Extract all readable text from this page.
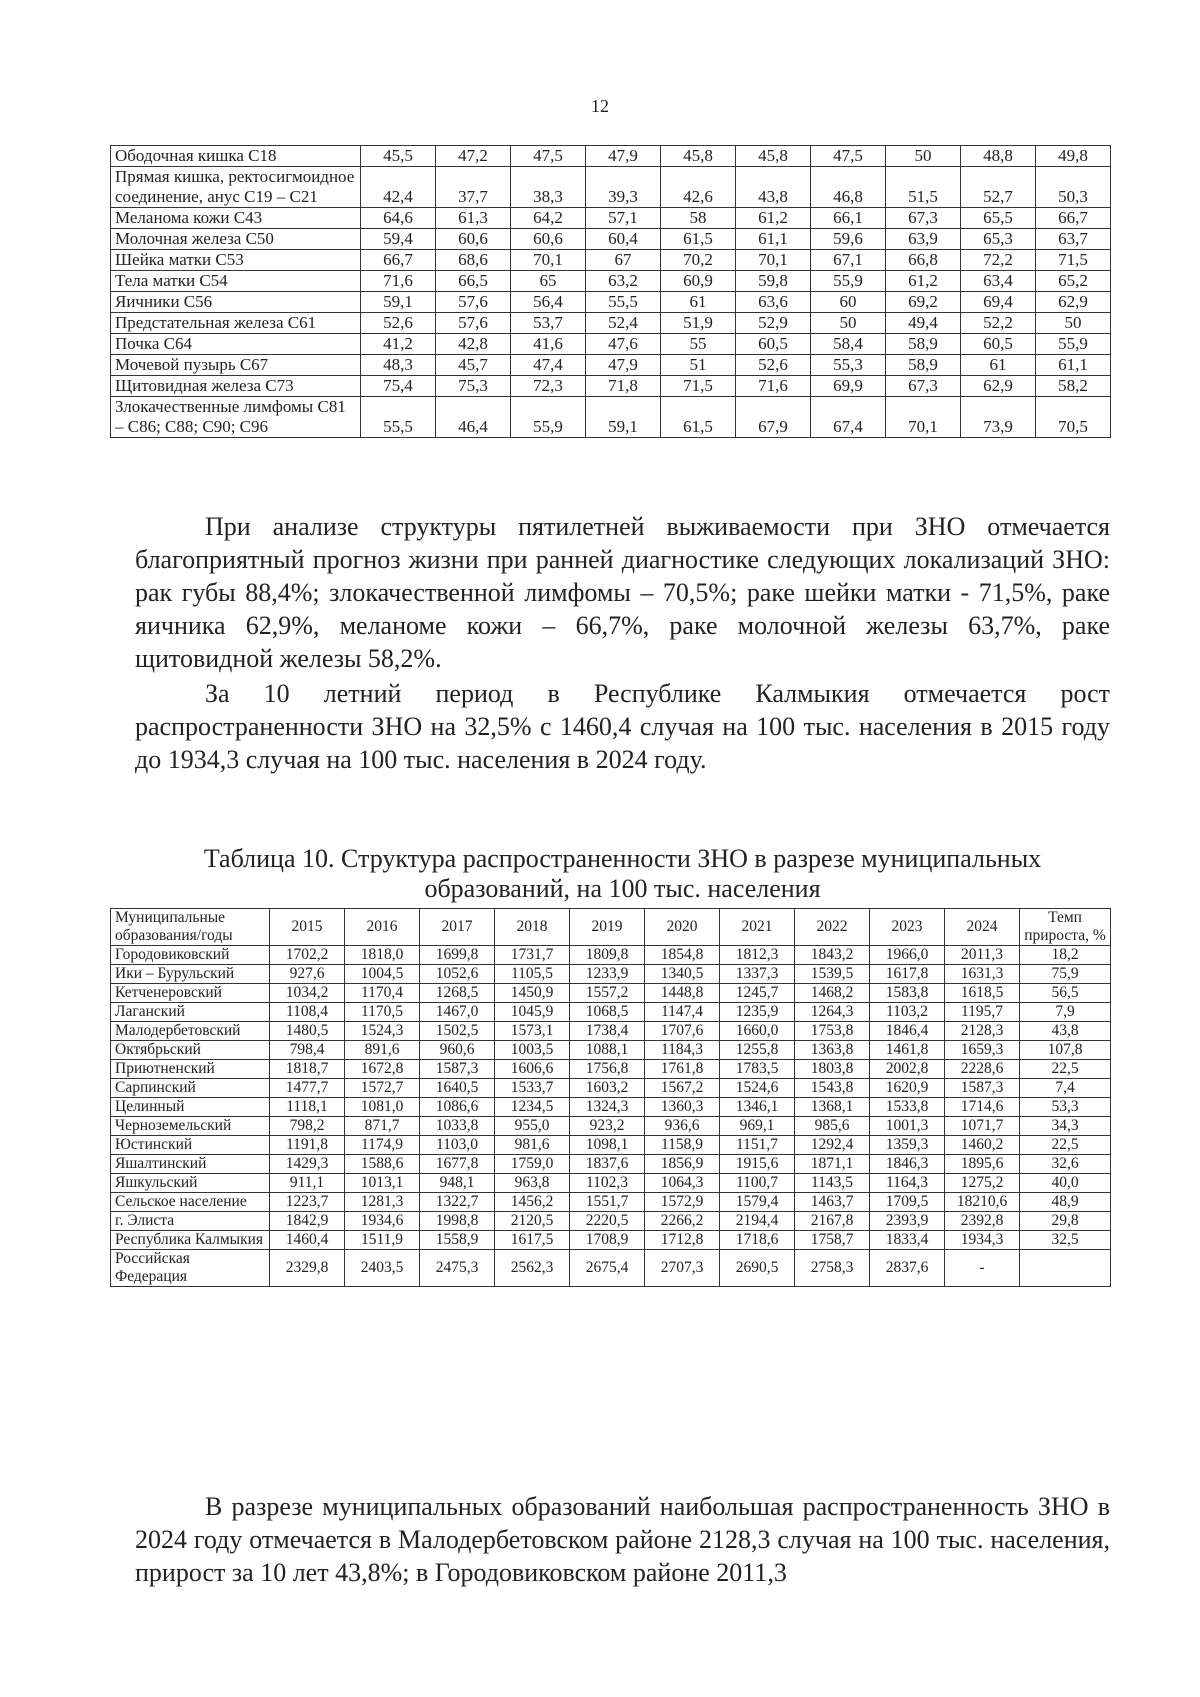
12
Ободочная кишка С18	45,5	47,2	47,5	47,9	45,8	45,8	47,5	50	48,8	49,8
Прямая кишка, ректосигмоидное соединение, анус С19 – С21	42,4	37,7	38,3	39,3	42,6	43,8	46,8	51,5	52,7	50,3
Меланома кожи С43	64,6	61,3	64,2	57,1	58	61,2	66,1	67,3	65,5	66,7
Молочная железа С50	59,4	60,6	60,6	60,4	61,5	61,1	59,6	63,9	65,3	63,7
Шейка матки С53	66,7	68,6	70,1	67	70,2	70,1	67,1	66,8	72,2	71,5
Тела матки С54	71,6	66,5	65	63,2	60,9	59,8	55,9	61,2	63,4	65,2
Яичники С56	59,1	57,6	56,4	55,5	61	63,6	60	69,2	69,4	62,9
Предстательная железа С61	52,6	57,6	53,7	52,4	51,9	52,9	50	49,4	52,2	50
Почка С64	41,2	42,8	41,6	47,6	55	60,5	58,4	58,9	60,5	55,9
Мочевой пузырь С67	48,3	45,7	47,4	47,9	51	52,6	55,3	58,9	61	61,1
Щитовидная железа С73	75,4	75,3	72,3	71,8	71,5	71,6	69,9	67,3	62,9	58,2
Злокачественные лимфомы С81 – С86; С88; С90; С96	55,5	46,4	55,9	59,1	61,5	67,9	67,4	70,1	73,9	70,5

При анализе структуры пятилетней выживаемости при ЗНО отмечается благоприятный прогноз жизни при ранней диагностике следующих локализаций ЗНО: рак губы 88,4%; злокачественной лимфомы – 70,5%; раке шейки матки - 71,5%, раке яичника 62,9%, меланоме кожи – 66,7%, раке молочной железы 63,7%, раке щитовидной железы 58,2%.

За 10 летний период в Республике Калмыкия отмечается рост распространенности ЗНО на 32,5% с 1460,4 случая на 100 тыс. населения в 2015 году до 1934,3 случая на 100 тыс. населения в 2024 году.

Таблица 10. Структура распространенности ЗНО в разрезе муниципальных образований, на 100 тыс. населения

Муниципальные образования/годы	2015	2016	2017	2018	2019	2020	2021	2022	2023	2024	Темп прироста, %
Городовиковский	1702,2	1818,0	1699,8	1731,7	1809,8	1854,8	1812,3	1843,2	1966,0	2011,3	18,2
Ики – Бурульский	927,6	1004,5	1052,6	1105,5	1233,9	1340,5	1337,3	1539,5	1617,8	1631,3	75,9
Кетченеровский	1034,2	1170,4	1268,5	1450,9	1557,2	1448,8	1245,7	1468,2	1583,8	1618,5	56,5
Лаганский	1108,4	1170,5	1467,0	1045,9	1068,5	1147,4	1235,9	1264,3	1103,2	1195,7	7,9
Малодербетовский	1480,5	1524,3	1502,5	1573,1	1738,4	1707,6	1660,0	1753,8	1846,4	2128,3	43,8
Октябрьский	798,4	891,6	960,6	1003,5	1088,1	1184,3	1255,8	1363,8	1461,8	1659,3	107,8
Приютненский	1818,7	1672,8	1587,3	1606,6	1756,8	1761,8	1783,5	1803,8	2002,8	2228,6	22,5
Сарпинский	1477,7	1572,7	1640,5	1533,7	1603,2	1567,2	1524,6	1543,8	1620,9	1587,3	7,4
Целинный	1118,1	1081,0	1086,6	1234,5	1324,3	1360,3	1346,1	1368,1	1533,8	1714,6	53,3
Черноземельский	798,2	871,7	1033,8	955,0	923,2	936,6	969,1	985,6	1001,3	1071,7	34,3
Юстинский	1191,8	1174,9	1103,0	981,6	1098,1	1158,9	1151,7	1292,4	1359,3	1460,2	22,5
Яшалтинский	1429,3	1588,6	1677,8	1759,0	1837,6	1856,9	1915,6	1871,1	1846,3	1895,6	32,6
Яшкульский	911,1	1013,1	948,1	963,8	1102,3	1064,3	1100,7	1143,5	1164,3	1275,2	40,0
Сельское население	1223,7	1281,3	1322,7	1456,2	1551,7	1572,9	1579,4	1463,7	1709,5	18210,6	48,9
г. Элиста	1842,9	1934,6	1998,8	2120,5	2220,5	2266,2	2194,4	2167,8	2393,9	2392,8	29,8
Республика Калмыкия	1460,4	1511,9	1558,9	1617,5	1708,9	1712,8	1718,6	1758,7	1833,4	1934,3	32,5
Российская Федерация	2329,8	2403,5	2475,3	2562,3	2675,4	2707,3	2690,5	2758,3	2837,6	-	

В разрезе муниципальных образований наибольшая распространенность ЗНО в 2024 году отмечается в Малодербетовском районе 2128,3 случая на 100 тыс. населения, прирост за 10 лет 43,8%; в Городовиковском районе 2011,3
